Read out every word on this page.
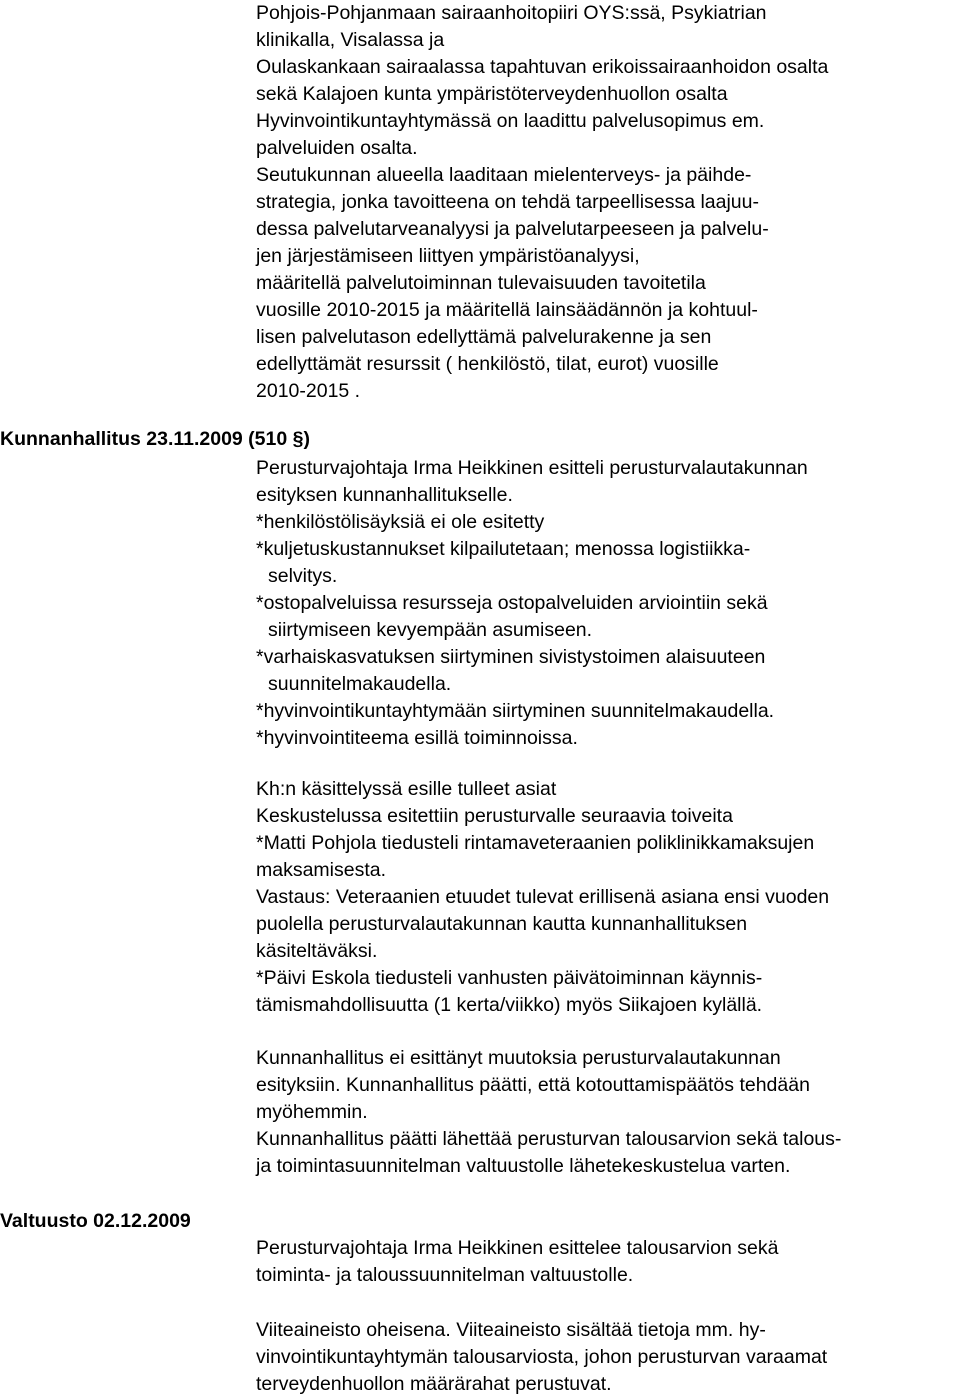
Pohjois-Pohjanmaan sairaanhoitopiiri OYS:ssä, Psykiatrian
klinikalla, Visalassa ja
Oulaskankaan sairaalassa tapahtuvan erikoissairaanhoidon osalta
sekä Kalajoen kunta ympäristöterveydenhuollon osalta
Hyvinvointikuntayhtymässä on laadittu palvelusopimus em.
palveluiden osalta.
Seutukunnan alueella laaditaan mielenterveys- ja päihde-
strategia, jonka tavoitteena on tehdä tarpeellisessa laajuu-
dessa palvelutarveanalyysi ja palvelutarpeeseen ja palvelu-
jen järjestämiseen liittyen ympäristöanalyysi,
määritellä palvelutoiminnan tulevaisuuden tavoitetila
vuosille 2010-2015 ja määritellä lainsäädännön ja kohtuul-
lisen palvelutason edellyttämä palvelurakenne ja sen
edellyttämät resurssit ( henkilöstö, tilat, eurot) vuosille
2010-2015 .
Kunnanhallitus 23.11.2009 (510 §)
Perusturvajohtaja Irma Heikkinen esitteli perusturvalautakunnan
esityksen kunnanhallitukselle.
*henkilöstölisäyksiä ei ole esitetty
*kuljetuskustannukset kilpailutetaan; menossa logistiikka-
selvitys.
*ostopalveluissa resurssejа ostopalveluiden arviointiin sekä
siirtymiseen kevyempään asumiseen.
*varhaiskasvatuksen siirtyminen sivistystoimen alaisuuteen
suunnitelmakaudella.
*hyvinvointikuntayhtymään siirtyminen suunnitelmakaudella.
*hyvinvointiteema esillä toiminnoissa.
Kh:n käsittelyssä esille tulleet asiat
Keskustelussa esitettiin perusturvalle seuraavia toiveita
*Matti Pohjola tiedusteli rintamaveteraanien poliklinikkamaksujen
maksamisesta.
Vastaus: Veteraanien etuudet tulevat erillisenä asiana ensi vuoden
puolella perusturvalautakunnan kautta kunnanhallituksen
käsiteltäväksi.
*Päivi Eskola tiedusteli vanhusten päivätoiminnan käynnis-
tämismahdollisuutta (1 kerta/viikko) myös Siikajoen kylällä.
Kunnanhallitus ei esittänyt muutoksia perusturvalautakunnan
esityksiin. Kunnanhallitus päätti, että kotouttamispäätös tehdään
myöhemmin.
Kunnanhallitus päätti lähettää perusturvan talousarvion sekä talous-
ja toimintasuunnitelman valtuustolle lähetekeskustelua varten.
Valtuusto 02.12.2009
Perusturvajohtaja Irma Heikkinen esittelee talousarvion sekä
toiminta- ja taloussuunnitelman valtuustolle.
Viiteaineisto oheisena. Viiteaineisto sisältää tietoja mm. hy-
vinvointikuntayhtymän talousarviosta, johon perusturvan varaamat
terveydenhuollon määrärahat perustuvat.
